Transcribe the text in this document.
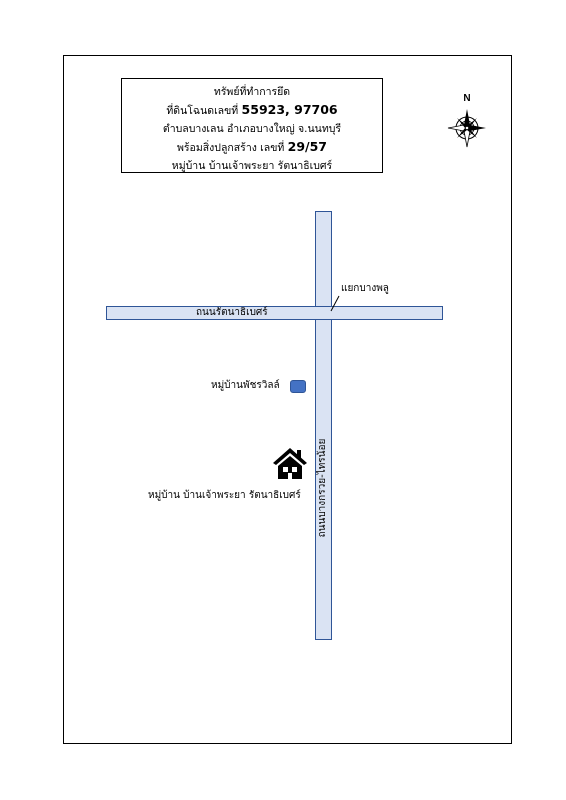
ทรัพย์ที่ทำการยึด
ที่ดินโฉนดเลขที่ 55923, 97706
ตำบลบางเลน อำเภอบางใหญ่ จ.นนทบุรี
พร้อมสิ่งปลูกสร้าง เลขที่ 29/57
หมู่บ้าน บ้านเจ้าพระยา รัตนาธิเบศร์
N
ถนนรัตนาธิเบศร์
ถนนบางกรวย-ไทรน้อย
แยกบางพลู
หมู่บ้านพัชรวิลล์
หมู่บ้าน บ้านเจ้าพระยา รัตนาธิเบศร์
